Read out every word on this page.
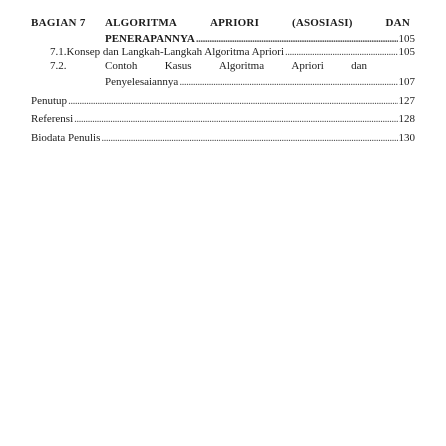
BAGIAN 7 ALGORITMA	APRIORI	(ASOSIASI)	DAN
PENERAPANNYA .....	105
7.1. Konsep dan Langkah-Langkah Algoritma Apriori .....	105
7.2.	Contoh Kasus Algoritma Apriori dan
Penyelesaiannya .....	107
Penutup .....	127
Referensi .....	128
Biodata Penulis .....	130
